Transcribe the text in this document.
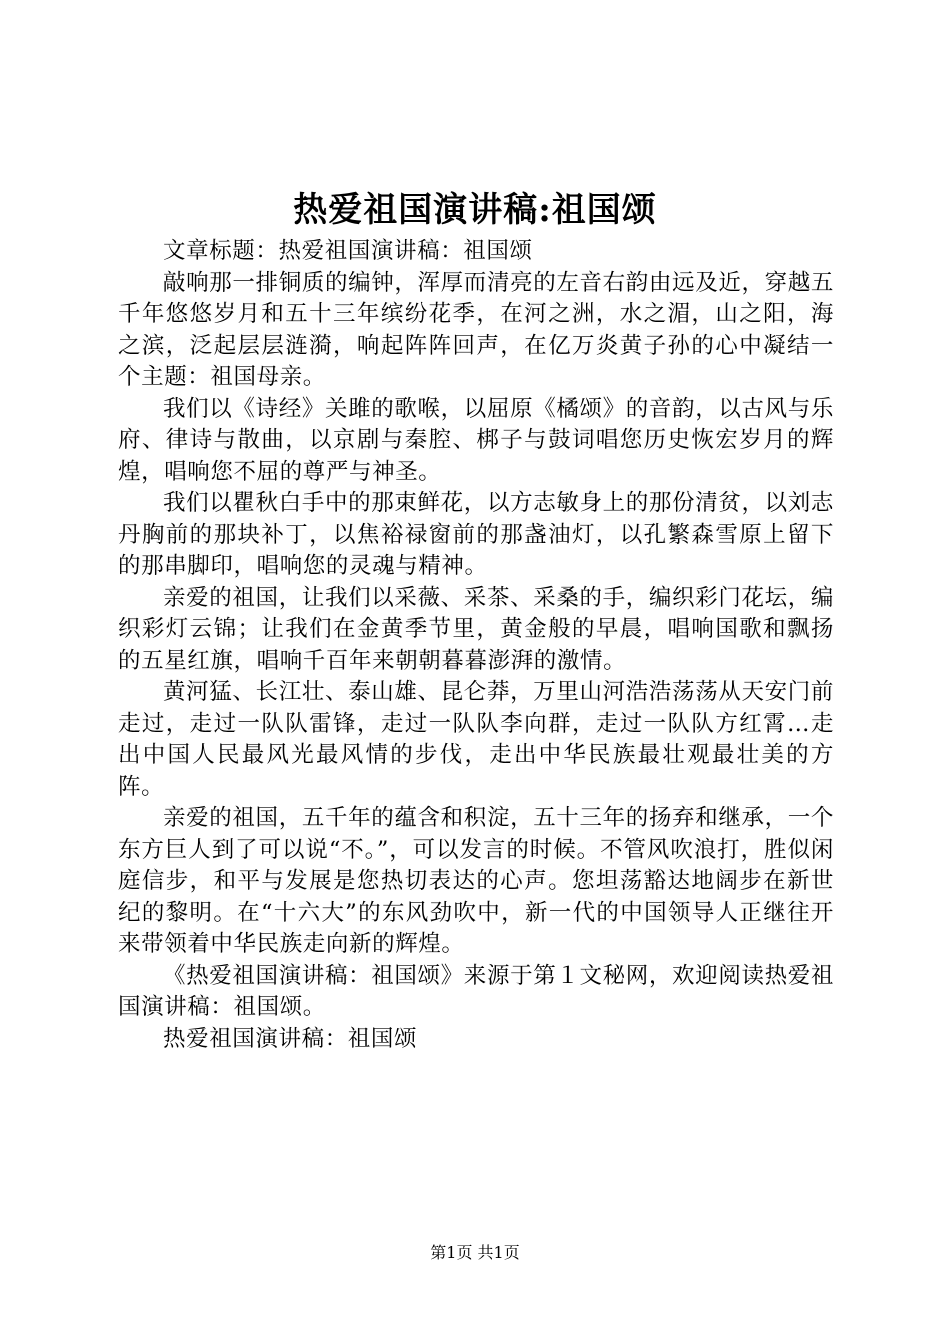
热爱祖国演讲稿:祖国颂

文章标题：热爱祖国演讲稿：祖国颂

敲响那一排铜质的编钟，浑厚而清亮的左音右韵由远及近，穿越五千年悠悠岁月和五十三年缤纷花季，在河之洲，水之湄，山之阳，海之滨，泛起层层涟漪，响起阵阵回声，在亿万炎黄子孙的心中凝结一个主题：祖国母亲。

我们以《诗经》关雎的歌喉，以屈原《橘颂》的音韵，以古风与乐府、律诗与散曲，以京剧与秦腔、梆子与鼓词唱您历史恢宏岁月的辉煌，唱响您不屈的尊严与神圣。

我们以瞿秋白手中的那束鲜花，以方志敏身上的那份清贫，以刘志丹胸前的那块补丁，以焦裕禄窗前的那盏油灯，以孔繁森雪原上留下的那串脚印，唱响您的灵魂与精神。

亲爱的祖国，让我们以采薇、采茶、采桑的手，编织彩门花坛，编织彩灯云锦；让我们在金黄季节里，黄金般的早晨，唱响国歌和飘扬的五星红旗，唱响千百年来朝朝暮暮澎湃的激情。

黄河猛、长江壮、泰山雄、昆仑莽，万里山河浩浩荡荡从天安门前走过，走过一队队雷锋，走过一队队李向群，走过一队队方红霄…走出中国人民最风光最风情的步伐，走出中华民族最壮观最壮美的方阵。

亲爱的祖国，五千年的蕴含和积淀，五十三年的扬弃和继承，一个东方巨人到了可以说“不。”，可以发言的时候。不管风吹浪打，胜似闲庭信步，和平与发展是您热切表达的心声。您坦荡豁达地阔步在新世纪的黎明。在“十六大”的东风劲吹中，新一代的中国领导人正继往开来带领着中华民族走向新的辉煌。

《热爱祖国演讲稿：祖国颂》来源于第１文秘网，欢迎阅读热爱祖国演讲稿：祖国颂。

热爱祖国演讲稿：祖国颂

第1页 共1页
